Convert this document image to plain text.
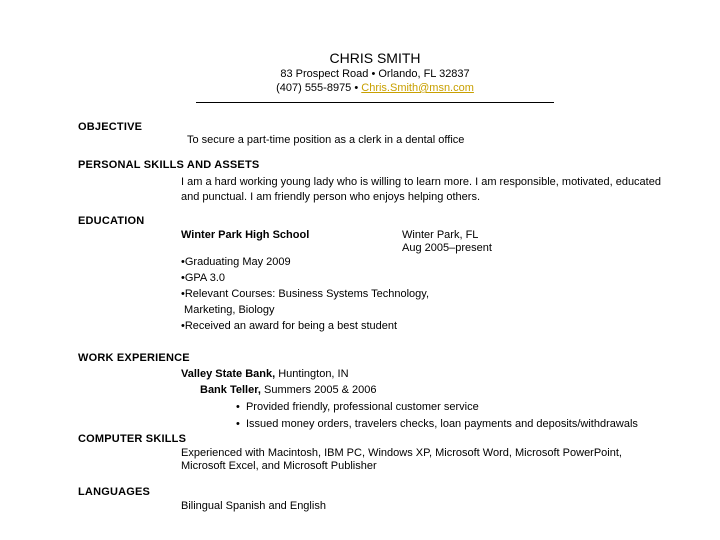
CHRIS SMITH
83 Prospect Road • Orlando, FL 32837
(407) 555-8975 • Chris.Smith@msn.com
OBJECTIVE
To secure a part-time position as a clerk in a dental office
PERSONAL SKILLS AND ASSETS
I am a hard working young lady who is willing to learn more. I am responsible, motivated, educated
and punctual. I am friendly person who enjoys helping others.
EDUCATION
Winter Park High School	Winter Park, FL
Aug 2005–present
•Graduating May 2009
•GPA 3.0
•Relevant Courses: Business Systems Technology,
Marketing, Biology
•Received an award for being a best student
WORK EXPERIENCE
Valley State Bank, Huntington, IN
Bank Teller, Summers 2005 & 2006
•  Provided friendly, professional customer service
•  Issued money orders, travelers checks, loan payments and deposits/withdrawals
COMPUTER SKILLS
Experienced with Macintosh, IBM PC, Windows XP, Microsoft Word, Microsoft PowerPoint,
Microsoft Excel, and Microsoft Publisher
LANGUAGES
Bilingual Spanish and English
